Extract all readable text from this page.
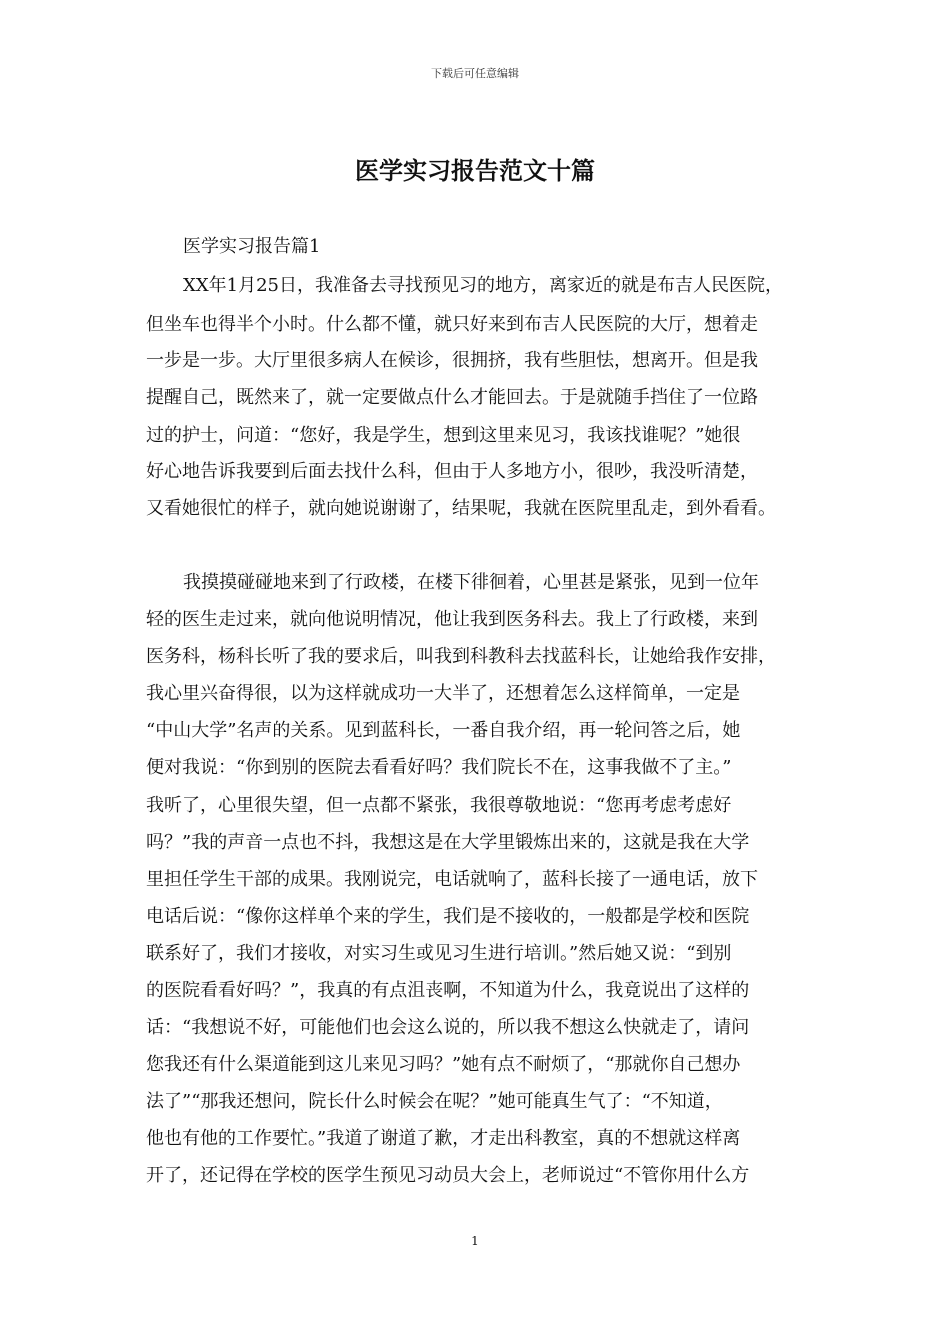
下载后可任意编辑
医学实习报告范文十篇
医学实习报告篇1
XX年1月25日，我准备去寻找预见习的地方，离家近的就是布吉人民医院，
但坐车也得半个小时。什么都不懂，就只好来到布吉人民医院的大厅，想着走
一步是一步。大厅里很多病人在候诊，很拥挤，我有些胆怯，想离开。但是我
提醒自己，既然来了，就一定要做点什么才能回去。于是就随手挡住了一位路
过的护士，问道：“您好，我是学生，想到这里来见习，我该找谁呢？”她很
好心地告诉我要到后面去找什么科，但由于人多地方小，很吵，我没听清楚，
又看她很忙的样子，就向她说谢谢了，结果呢，我就在医院里乱走，到外看看。
我摸摸碰碰地来到了行政楼，在楼下徘徊着，心里甚是紧张，见到一位年
轻的医生走过来，就向他说明情况，他让我到医务科去。我上了行政楼，来到
医务科，杨科长听了我的要求后，叫我到科教科去找蓝科长，让她给我作安排，
我心里兴奋得很，以为这样就成功一大半了，还想着怎么这样简单，一定是
“中山大学”名声的关系。见到蓝科长，一番自我介绍，再一轮问答之后，她
便对我说：“你到别的医院去看看好吗？我们院长不在，这事我做不了主。”
我听了，心里很失望，但一点都不紧张，我很尊敬地说：“您再考虑考虑好
吗？”我的声音一点也不抖，我想这是在大学里锻炼出来的，这就是我在大学
里担任学生干部的成果。我刚说完，电话就响了，蓝科长接了一通电话，放下
电话后说：“像你这样单个来的学生，我们是不接收的，一般都是学校和医院
联系好了，我们才接收，对实习生或见习生进行培训。”然后她又说：“到别
的医院看看好吗？”，我真的有点沮丧啊，不知道为什么，我竟说出了这样的
话：“我想说不好，可能他们也会这么说的，所以我不想这么快就走了，请问
您我还有什么渠道能到这儿来见习吗？”她有点不耐烦了，“那就你自己想办
法了”“那我还想问，院长什么时候会在呢？”她可能真生气了：“不知道，
他也有他的工作要忙。”我道了谢道了歉，才走出科教室，真的不想就这样离
开了，还记得在学校的医学生预见习动员大会上，老师说过“不管你用什么方
1
